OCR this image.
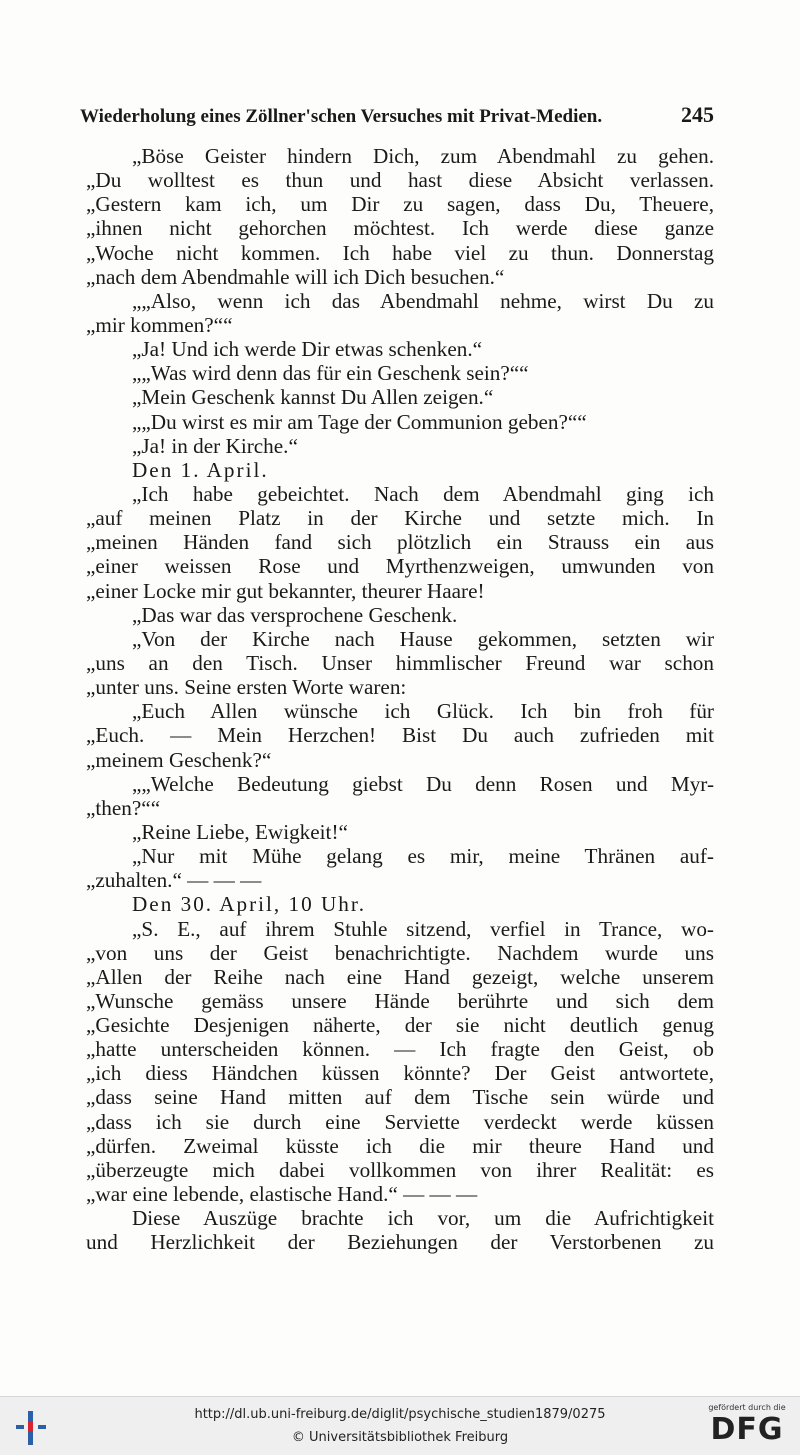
Wiederholung eines Zöllner'schen Versuches mit Privat-Medien.	245
„Böse Geister hindern Dich, zum Abendmahl zu gehen.
„Du wolltest es thun und hast diese Absicht verlassen.
„Gestern kam ich, um Dir zu sagen, dass Du, Theuere,
„ihnen nicht gehorchen möchtest. Ich werde diese ganze
„Woche nicht kommen. Ich habe viel zu thun. Donnerstag
„nach dem Abendmahle will ich Dich besuchen.“
„„Also, wenn ich das Abendmahl nehme, wirst Du zu
„mir kommen?““
„Ja! Und ich werde Dir etwas schenken.“
„„Was wird denn das für ein Geschenk sein?““
„Mein Geschenk kannst Du Allen zeigen.“
„„Du wirst es mir am Tage der Communion geben?““
„Ja! in der Kirche.“
Den 1. April.
„Ich habe gebeichtet. Nach dem Abendmahl ging ich
„auf meinen Platz in der Kirche und setzte mich. In
„meinen Händen fand sich plötzlich ein Strauss ein aus
„einer weissen Rose und Myrthenzweigen, umwunden von
„einer Locke mir gut bekannter, theurer Haare!
„Das war das versprochene Geschenk.
„Von der Kirche nach Hause gekommen, setzten wir
„uns an den Tisch. Unser himmlischer Freund war schon
„unter uns. Seine ersten Worte waren:
„Euch Allen wünsche ich Glück. Ich bin froh für
„Euch. — Mein Herzchen! Bist Du auch zufrieden mit
„meinem Geschenk?“
„„Welche Bedeutung giebst Du denn Rosen und Myr-
„then?““
„Reine Liebe, Ewigkeit!“
„Nur mit Mühe gelang es mir, meine Thränen auf-
„zuhalten.“ — — —
Den 30. April, 10 Uhr.
„S. E., auf ihrem Stuhle sitzend, verfiel in Trance, wo-
„von uns der Geist benachrichtigte. Nachdem wurde uns
„Allen der Reihe nach eine Hand gezeigt, welche unserem
„Wunsche gemäss unsere Hände berührte und sich dem
„Gesichte Desjenigen näherte, der sie nicht deutlich genug
„hatte unterscheiden können. — Ich fragte den Geist, ob
„ich diess Händchen küssen könnte? Der Geist antwortete,
„dass seine Hand mitten auf dem Tische sein würde und
„dass ich sie durch eine Serviette verdeckt werde küssen
„dürfen. Zweimal küsste ich die mir theure Hand und
„überzeugte mich dabei vollkommen von ihrer Realität: es
„war eine lebende, elastische Hand.“ — — —
Diese Auszüge brachte ich vor, um die Aufrichtigkeit
und Herzlichkeit der Beziehungen der Verstorbenen zu
http://dl.ub.uni-freiburg.de/diglit/psychische_studien1879/0275
© Universitätsbibliothek Freiburg
gefördert durch die
DFG
